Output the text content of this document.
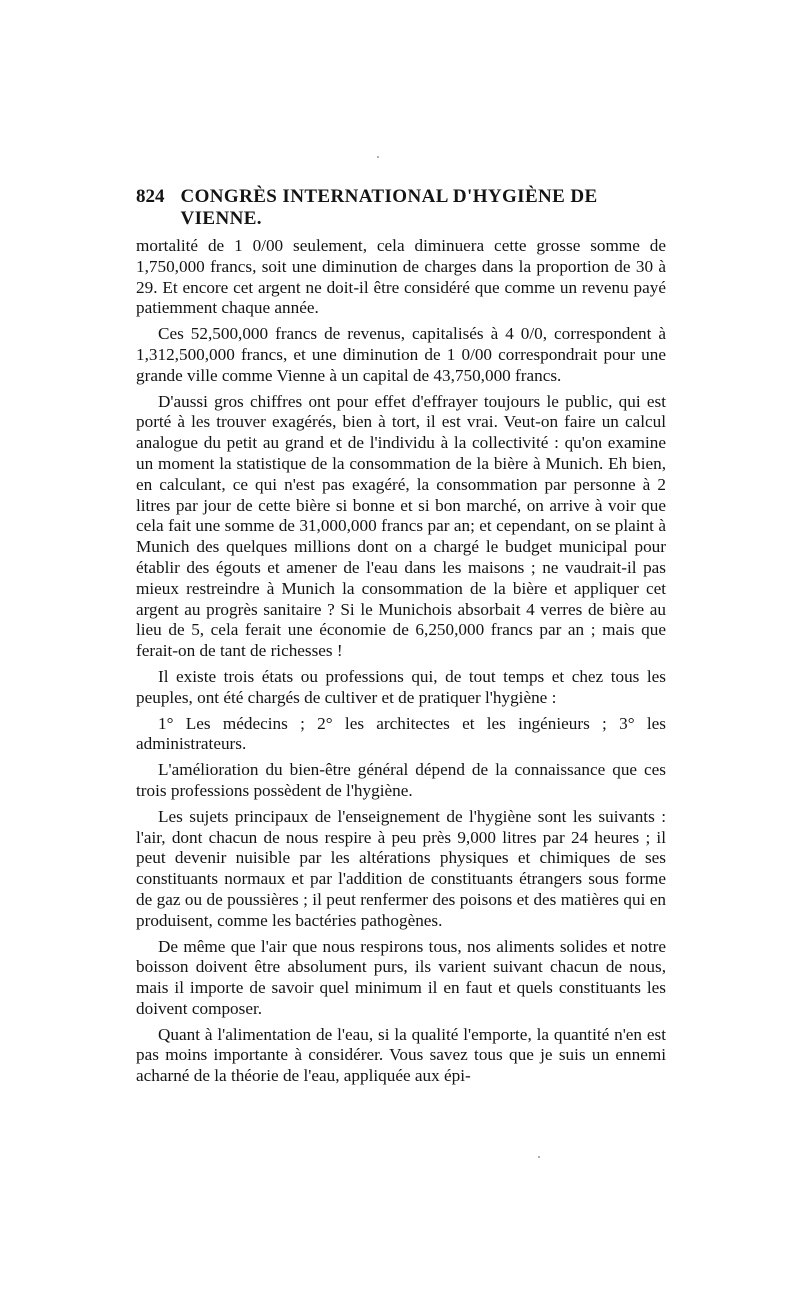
824 CONGRÈS INTERNATIONAL D'HYGIÈNE DE VIENNE.

mortalité de 1 0/00 seulement, cela diminuera cette grosse somme de 1,750,000 francs, soit une diminution de charges dans la proportion de 30 à 29. Et encore cet argent ne doit-il être considéré que comme un revenu payé patiemment chaque année.

Ces 52,500,000 francs de revenus, capitalisés à 4 0/0, correspondent à 1,312,500,000 francs, et une diminution de 1 0/00 correspondrait pour une grande ville comme Vienne à un capital de 43,750,000 francs.

D'aussi gros chiffres ont pour effet d'effrayer toujours le public, qui est porté à les trouver exagérés, bien à tort, il est vrai. Veut-on faire un calcul analogue du petit au grand et de l'individu à la collectivité : qu'on examine un moment la statistique de la consommation de la bière à Munich. Eh bien, en calculant, ce qui n'est pas exagéré, la consommation par personne à 2 litres par jour de cette bière si bonne et si bon marché, on arrive à voir que cela fait une somme de 31,000,000 francs par an; et cependant, on se plaint à Munich des quelques millions dont on a chargé le budget municipal pour établir des égouts et amener de l'eau dans les maisons ; ne vaudrait-il pas mieux restreindre à Munich la consommation de la bière et appliquer cet argent au progrès sanitaire ? Si le Munichois absorbait 4 verres de bière au lieu de 5, cela ferait une économie de 6,250,000 francs par an ; mais que ferait-on de tant de richesses !

Il existe trois états ou professions qui, de tout temps et chez tous les peuples, ont été chargés de cultiver et de pratiquer l'hygiène :

1° Les médecins ; 2° les architectes et les ingénieurs ; 3° les administrateurs.

L'amélioration du bien-être général dépend de la connaissance que ces trois professions possèdent de l'hygiène.

Les sujets principaux de l'enseignement de l'hygiène sont les suivants : l'air, dont chacun de nous respire à peu près 9,000 litres par 24 heures ; il peut devenir nuisible par les altérations physiques et chimiques de ses constituants normaux et par l'addition de constituants étrangers sous forme de gaz ou de poussières ; il peut renfermer des poisons et des matières qui en produisent, comme les bactéries pathogènes.

De même que l'air que nous respirons tous, nos aliments solides et notre boisson doivent être absolument purs, ils varient suivant chacun de nous, mais il importe de savoir quel minimum il en faut et quels constituants les doivent composer.

Quant à l'alimentation de l'eau, si la qualité l'emporte, la quantité n'en est pas moins importante à considérer. Vous savez tous que je suis un ennemi acharné de la théorie de l'eau, appliquée aux épi-
